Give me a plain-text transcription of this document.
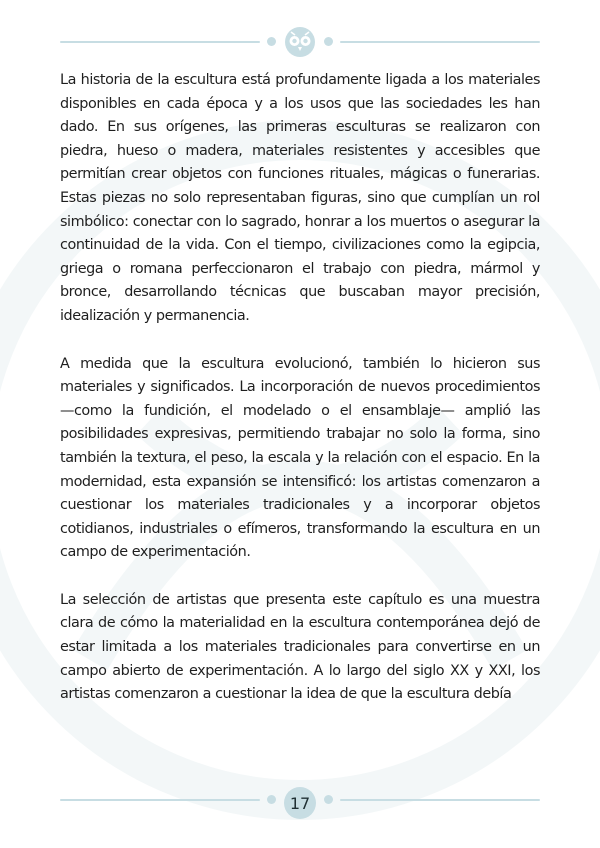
La historia de la escultura está profundamente ligada a los materiales disponibles en cada época y a los usos que las sociedades les han dado. En sus orígenes, las primeras esculturas se realizaron con piedra, hueso o madera, materiales resistentes y accesibles que permitían crear objetos con funciones rituales, mágicas o funerarias. Estas piezas no solo representaban figuras, sino que cumplían un rol simbólico: conectar con lo sagrado, honrar a los muertos o asegurar la continuidad de la vida. Con el tiempo, civilizaciones como la egipcia, griega o romana perfeccionaron el trabajo con piedra, mármol y bronce, desarrollando técnicas que buscaban mayor precisión, idealización y permanencia.

A medida que la escultura evolucionó, también lo hicieron sus materiales y significados. La incorporación de nuevos procedimientos —como la fundición, el modelado o el ensamblaje— amplió las posibilidades expresivas, permitiendo trabajar no solo la forma, sino también la textura, el peso, la escala y la relación con el espacio. En la modernidad, esta expansión se intensificó: los artistas comenzaron a cuestionar los materiales tradicionales y a incorporar objetos cotidianos, industriales o efímeros, transformando la escultura en un campo de experimentación.

La selección de artistas que presenta este capítulo es una muestra clara de cómo la materialidad en la escultura contemporánea dejó de estar limitada a los materiales tradicionales para convertirse en un campo abierto de experimentación. A lo largo del siglo XX y XXI, los artistas comenzaron a cuestionar la idea de que la escultura debía

17
